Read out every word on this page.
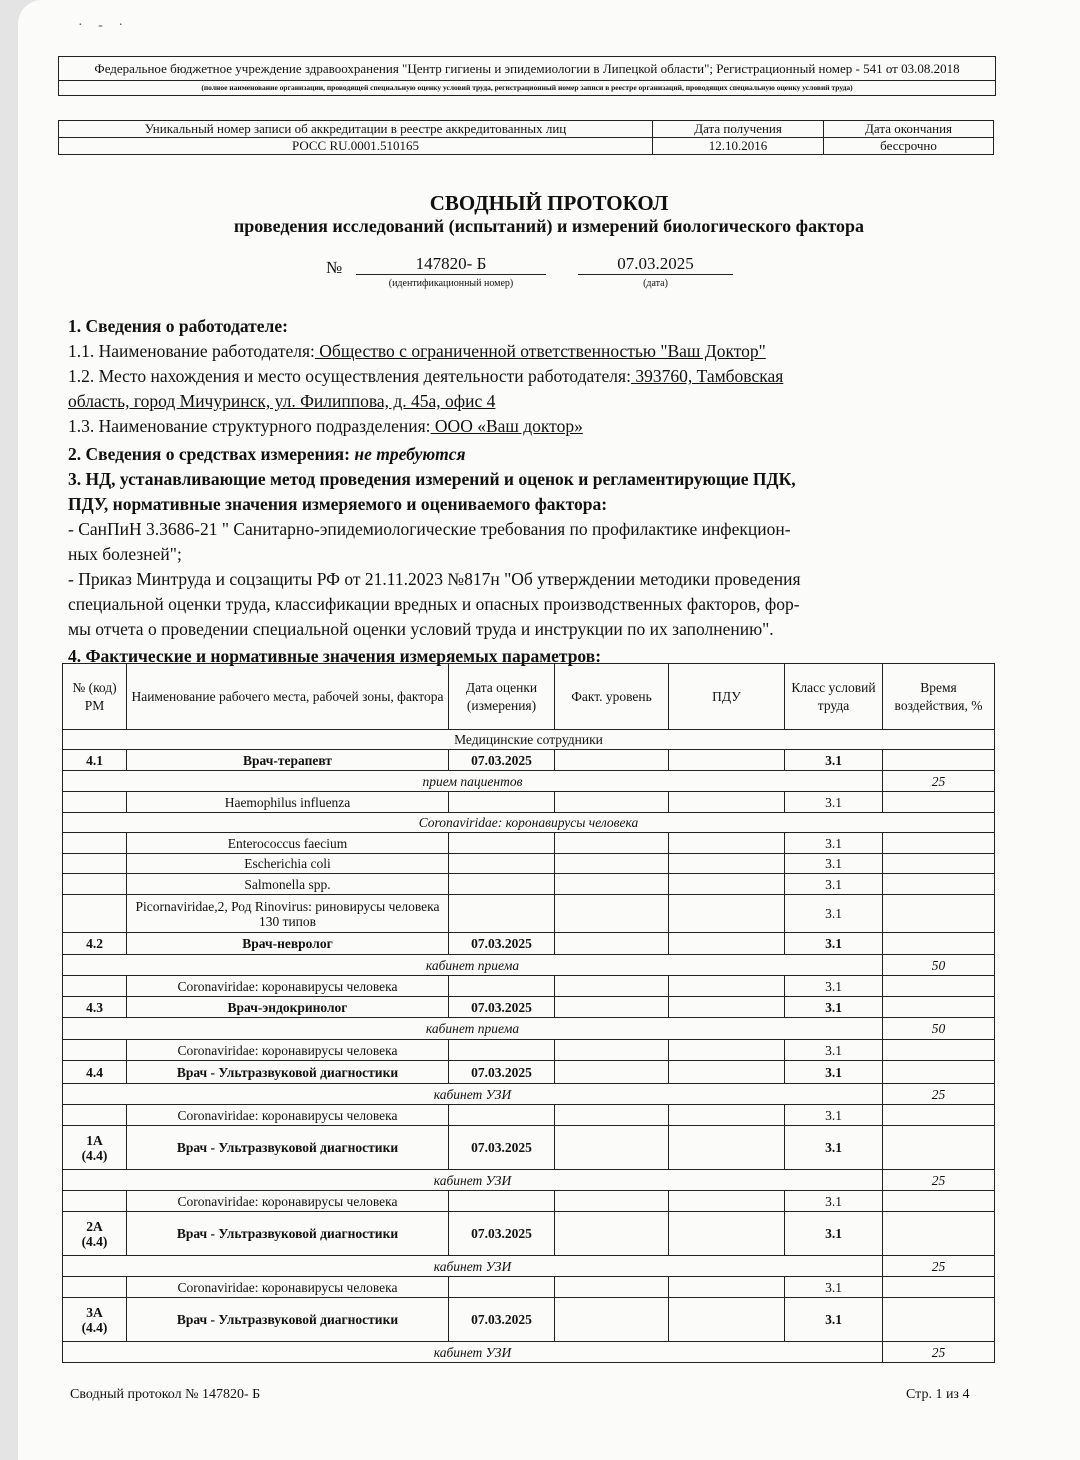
· - ·
Федеральное бюджетное учреждение здравоохранения "Центр гигиены и эпидемиологии в Липецкой области"; Регистрационный номер - 541 от 03.08.2018
(полное наименование организации, проводящей специальную оценку условий труда, регистрационный номер записи в реестре организаций, проводящих специальную оценку условий труда)
Уникальный номер записи об аккредитации в реестре аккредитованных лиц	Дата получения	Дата окончания
РОСС RU.0001.510165	12.10.2016	бессрочно
СВОДНЫЙ ПРОТОКОЛ
проведения исследований (испытаний) и измерений биологического фактора
№	147820- Б
(идентификационный номер)
07.03.2025
(дата)
1. Сведения о работодателе:
1.1. Наименование работодателя: Общество с ограниченной ответственностью "Ваш Доктор"
1.2. Место нахождения и место осуществления деятельности работодателя: 393760, Тамбовская
область, город Мичуринск, ул. Филиппова, д. 45а, офис 4
1.3. Наименование структурного подразделения: ООО «Ваш доктор»
2. Сведения о средствах измерения: не требуются
3. НД, устанавливающие метод проведения измерений и оценок и регламентирующие ПДК,
ПДУ, нормативные значения измеряемого и оцениваемого фактора:
- СанПиН 3.3686-21 " Санитарно-эпидемиологические требования по профилактике инфекцион-
ных болезней";
- Приказ Минтруда и соцзащиты РФ от 21.11.2023 №817н "Об утверждении методики проведения
специальной оценки труда, классификации вредных и опасных производственных факторов, фор-
мы отчета о проведении специальной оценки условий труда и инструкции по их заполнению".
4. Фактические и нормативные значения измеряемых параметров:
№ (код) РМ	Наименование рабочего места, рабочей зоны, фактора	Дата оценки (измерения)	Факт. уровень	ПДУ	Класс условий труда	Время воздействия, %
Медицинские сотрудники						
4.1	Врач-терапевт	07.03.2025			3.1	
прием пациентов						25
	Haemophilus influenza				3.1	
Coronaviridae: коронавирусы человека						
	Enterococcus faecium				3.1	
	Escherichia coli				3.1	
	Salmonella spp.				3.1	
	Picornaviridae,2, Род Rinovirus: риновирусы человека 130 типов				3.1	
4.2	Врач-невролог	07.03.2025			3.1	
кабинет приема						50
	Coronaviridae: коронавирусы человека				3.1	
4.3	Врач-эндокринолог	07.03.2025			3.1	
кабинет приема						50
	Coronaviridae: коронавирусы человека				3.1	
4.4	Врач - Ультразвуковой диагностики	07.03.2025			3.1	
кабинет УЗИ						25
	Coronaviridae: коронавирусы человека				3.1	
1А
(4.4)	Врач - Ультразвуковой диагностики	07.03.2025			3.1	
кабинет УЗИ						25
	Coronaviridae: коронавирусы человека				3.1	
2А
(4.4)	Врач - Ультразвуковой диагностики	07.03.2025			3.1	
кабинет УЗИ						25
	Coronaviridae: коронавирусы человека				3.1	
3А
(4.4)	Врач - Ультразвуковой диагностики	07.03.2025			3.1	
кабинет УЗИ						25
Сводный протокол № 147820- Б	Стр. 1 из 4
